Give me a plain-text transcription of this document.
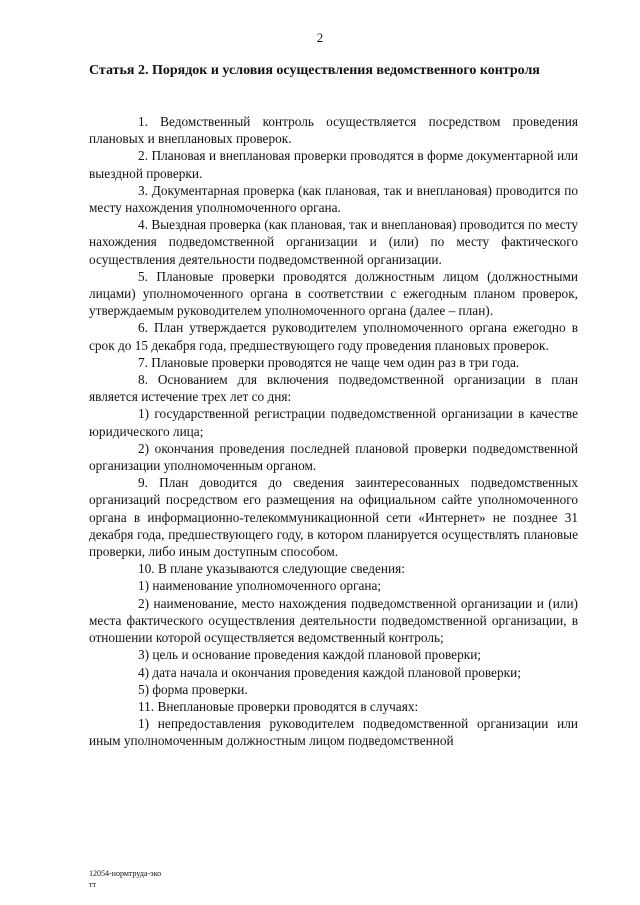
2
Статья 2. Порядок и условия осуществления ведомственного контроля

1. Ведомственный контроль осуществляется посредством проведения плановых и внеплановых проверок.

2. Плановая и внеплановая проверки проводятся в форме документарной или выездной проверки.

3. Документарная проверка (как плановая, так и внеплановая) проводится по месту нахождения уполномоченного органа.

4. Выездная проверка (как плановая, так и внеплановая) проводится по месту нахождения подведомственной организации и (или) по месту фактического осуществления деятельности подведомственной организации.

5. Плановые проверки проводятся должностным лицом (должностными лицами) уполномоченного органа в соответствии с ежегодным планом проверок, утверждаемым руководителем уполномоченного органа (далее – план).

6. План утверждается руководителем уполномоченного органа ежегодно в срок до 15 декабря года, предшествующего году проведения плановых проверок.

7. Плановые проверки проводятся не чаще чем один раз в три года.

8. Основанием для включения подведомственной организации в план является истечение трех лет со дня:

1) государственной регистрации подведомственной организации в качестве юридического лица;

2) окончания проведения последней плановой проверки подведомственной организации уполномоченным органом.

9. План доводится до сведения заинтересованных подведомственных организаций посредством его размещения на официальном сайте уполномоченного органа в информационно-телекоммуникационной сети «Интернет» не позднее 31 декабря года, предшествующего году, в котором планируется осуществлять плановые проверки, либо иным доступным способом.

10. В плане указываются следующие сведения:

1) наименование уполномоченного органа;

2) наименование, место нахождения подведомственной организации и (или) места фактического осуществления деятельности подведомственной организации, в отношении которой осуществляется ведомственный контроль;

3) цель и основание проведения каждой плановой проверки;

4) дата начала и окончания проведения каждой плановой проверки;

5) форма проверки.

11. Внеплановые проверки проводятся в случаях:

1) непредоставления руководителем подведомственной организации или иным уполномоченным должностным лицом подведомственной

12054-нормтруда-эко
тт
